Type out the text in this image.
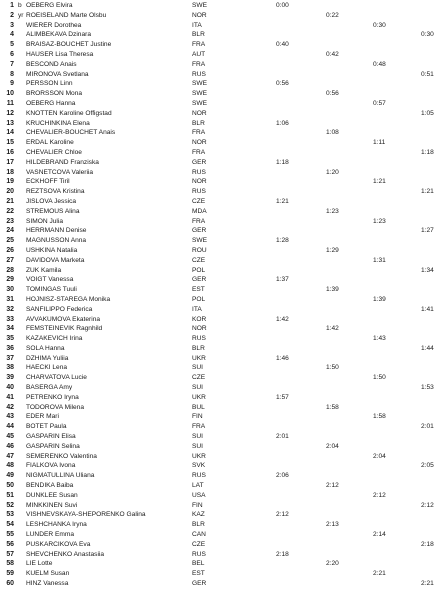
1 b OEBERG Elvira	SWE	0:00
2 yr ROEISELAND Marte Olsbu	NOR	0:22
3 WIERER Dorothea	ITA	0:30
4 ALIMBEKAVA Dzinara	BLR	0:30
5 BRAISAZ-BOUCHET Justine	FRA	0:40
6 HAUSER Lisa Theresa	AUT	0:42
7 BESCOND Anais	FRA	0:48
8 MIRONOVA Svetlana	RUS	0:51
9 PERSSON Linn	SWE	0:56
10 BRORSSON Mona	SWE	0:56
11 OEBERG Hanna	SWE	0:57
12 KNOTTEN Karoline Offigstad	NOR	1:05
13 KRUCHINKINA Elena	BLR	1:06
14 CHEVALIER-BOUCHET Anais	FRA	1:08
15 ERDAL Karoline	NOR	1:11
16 CHEVALIER Chloe	FRA	1:18
17 HILDEBRAND Franziska	GER	1:18
18 VASNETCOVA Valeriia	RUS	1:20
19 ECKHOFF Tiril	NOR	1:21
20 REZTSOVA Kristina	RUS	1:21
21 JISLOVA Jessica	CZE	1:21
22 STREMOUS Alina	MDA	1:23
23 SIMON Julia	FRA	1:23
24 HERRMANN Denise	GER	1:27
25 MAGNUSSON Anna	SWE	1:28
26 USHKINA Natalia	ROU	1:29
27 DAVIDOVA Marketa	CZE	1:31
28 ZUK Kamila	POL	1:34
29 VOIGT Vanessa	GER	1:37
30 TOMINGAS Tuuli	EST	1:39
31 HOJNISZ-STAREGA Monika	POL	1:39
32 SANFILIPPO Federica	ITA	1:41
33 AVVAKUMOVA Ekaterina	KOR	1:42
34 FEMSTEINEVIK Ragnhild	NOR	1:42
35 KAZAKEVICH Irina	RUS	1:43
36 SOLA Hanna	BLR	1:44
37 DZHIMA Yuliia	UKR	1:46
38 HAECKI Lena	SUI	1:50
39 CHARVATOVA Lucie	CZE	1:50
40 BASERGA Amy	SUI	1:53
41 PETRENKO Iryna	UKR	1:57
42 TODOROVA Milena	BUL	1:58
43 EDER Mari	FIN	1:58
44 BOTET Paula	FRA	2:01
45 GASPARIN Elisa	SUI	2:01
46 GASPARIN Selina	SUI	2:04
47 SEMERENKO Valentina	UKR	2:04
48 FIALKOVA Ivona	SVK	2:05
49 NIGMATULLINA Uliana	RUS	2:06
50 BENDIKA Baiba	LAT	2:12
51 DUNKLEE Susan	USA	2:12
52 MINKKINEN Suvi	FIN	2:12
53 VISHNEVSKAYA-SHEPORENKO Galina	KAZ	2:12
54 LESHCHANKA Iryna	BLR	2:13
55 LUNDER Emma	CAN	2:14
56 PUSKARCIKOVA Eva	CZE	2:18
57 SHEVCHENKO Anastasiia	RUS	2:18
58 LIE Lotte	BEL	2:20
59 KUELM Susan	EST	2:21
60 HINZ Vanessa	GER	2:21
